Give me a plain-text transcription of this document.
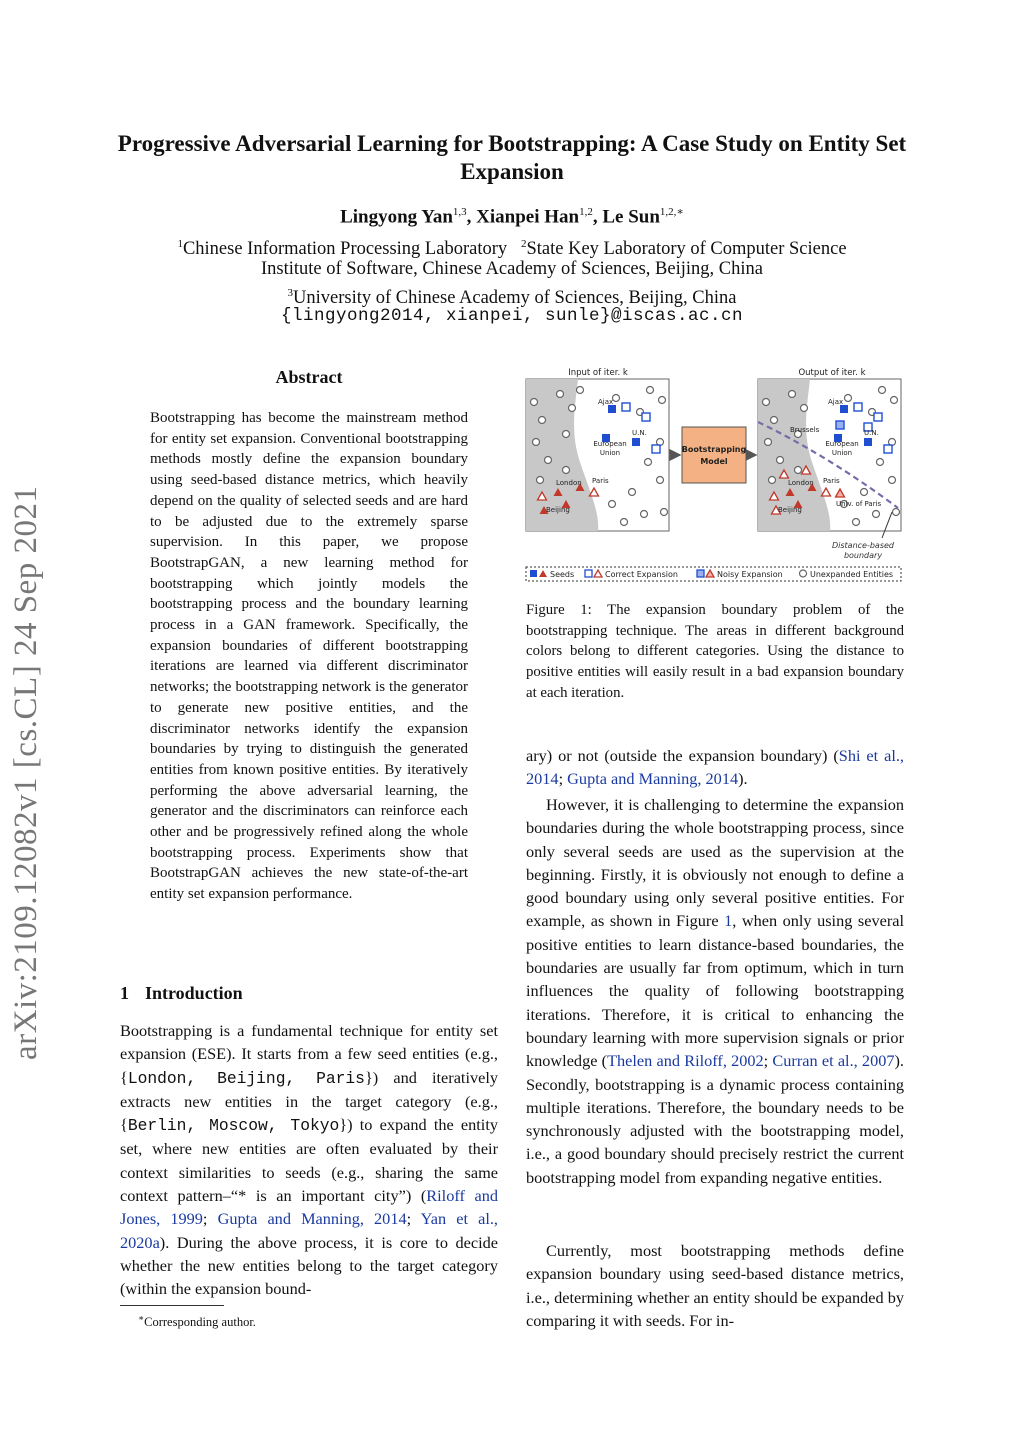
arXiv:2109.12082v1 [cs.CL] 24 Sep 2021
Progressive Adversarial Learning for Bootstrapping: A Case Study on Entity Set Expansion
Lingyong Yan$^{1,3}$, Xianpei Han$^{1,2}$, Le Sun$^{1,2,∗}$
$^1$Chinese Information Processing Laboratory $^2$State Key Laboratory of Computer Science
Institute of Software, Chinese Academy of Sciences, Beijing, China
$^3$University of Chinese Academy of Sciences, Beijing, China
{lingyong2014, xianpei, sunle}@iscas.ac.cn
Abstract
Bootstrapping has become the mainstream method for entity set expansion. Conventional bootstrapping methods mostly define the expansion boundary using seed-based distance metrics, which heavily depend on the quality of selected seeds and are hard to be adjusted due to the extremely sparse supervision. In this paper, we propose BootstrapGAN, a new learning method for bootstrapping which jointly models the bootstrapping process and the boundary learning process in a GAN framework. Specifically, the expansion boundaries of different bootstrapping iterations are learned via different discriminator networks; the bootstrapping network is the generator to generate new positive entities, and the discriminator networks identify the expansion boundaries by trying to distinguish the generated entities from known positive entities. By iteratively performing the above adversarial learning, the generator and the discriminators can reinforce each other and be progressively refined along the whole bootstrapping process. Experiments show that BootstrapGAN achieves the new state-of-the-art entity set expansion performance.
1 Introduction
Bootstrapping is a fundamental technique for entity set expansion (ESE). It starts from a few seed entities (e.g., {London, Beijing, Paris}) and iteratively extracts new entities in the target category (e.g., {Berlin, Moscow, Tokyo}) to expand the entity set, where new entities are often evaluated by their context similarities to seeds (e.g., sharing the same context pattern–“* is an important city”) (Riloff and Jones, 1999; Gupta and Manning, 2014; Yan et al., 2020a). During the above process, it is core to decide whether the new entities belong to the target category (within the expansion bound-
∗Corresponding author.
Input of iter. k	Output of iter. k
Bootstrapping
Model
Ajax
U.N.
European
Union
London Paris
Beijing
Ajax
Brussels	U.N.
European
Union
London Paris
Beijing
Univ. of Paris
Distance-based
boundary
Seeds	Correct Expansion	Noisy Expansion	Unexpanded Entities
Figure 1: The expansion boundary problem of the bootstrapping technique. The areas in different background colors belong to different categories. Using the distance to positive entities will easily result in a bad expansion boundary at each iteration.
ary) or not (outside the expansion boundary) (Shi et al., 2014; Gupta and Manning, 2014).
However, it is challenging to determine the expansion boundaries during the whole bootstrapping process, since only several seeds are used as the supervision at the beginning. Firstly, it is obviously not enough to define a good boundary using only several positive entities. For example, as shown in Figure 1, when only using several positive entities to learn distance-based boundaries, the boundaries are usually far from optimum, which in turn influences the quality of following bootstrapping iterations. Therefore, it is critical to enhancing the boundary learning with more supervision signals or prior knowledge (Thelen and Riloff, 2002; Curran et al., 2007). Secondly, bootstrapping is a dynamic process containing multiple iterations. Therefore, the boundary needs to be synchronously adjusted with the bootstrapping model, i.e., a good boundary should precisely restrict the current bootstrapping model from expanding negative entities.
Currently, most bootstrapping methods define expansion boundary using seed-based distance metrics, i.e., determining whether an entity should be expanded by comparing it with seeds. For in-
